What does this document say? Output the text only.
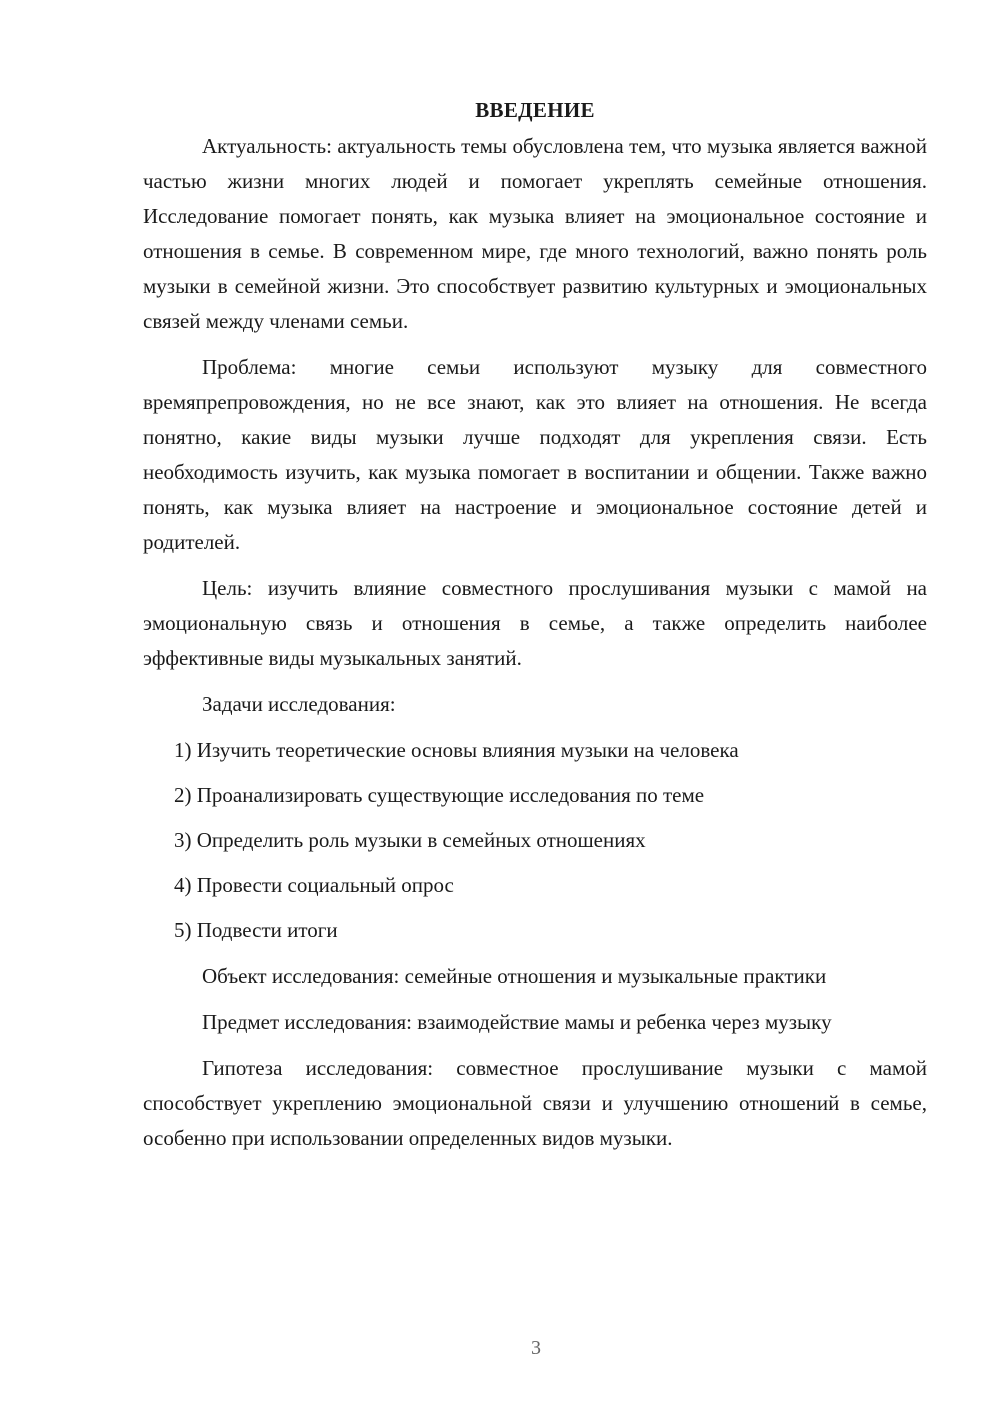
ВВЕДЕНИЕ

Актуальность: актуальность темы обусловлена тем, что музыка является важной частью жизни многих людей и помогает укреплять семейные отношения. Исследование помогает понять, как музыка влияет на эмоциональное состояние и отношения в семье. В современном мире, где много технологий, важно понять роль музыки в семейной жизни. Это способствует развитию культурных и эмоциональных связей между членами семьи.

Проблема: многие семьи используют музыку для совместного времяпрепровождения, но не все знают, как это влияет на отношения. Не всегда понятно, какие виды музыки лучше подходят для укрепления связи. Есть необходимость изучить, как музыка помогает в воспитании и общении. Также важно понять, как музыка влияет на настроение и эмоциональное состояние детей и родителей.

Цель: изучить влияние совместного прослушивания музыки с мамой на эмоциональную связь и отношения в семье, а также определить наиболее эффективные виды музыкальных занятий.

Задачи исследования:

1) Изучить теоретические основы влияния музыки на человека
2) Проанализировать существующие исследования по теме
3) Определить роль музыки в семейных отношениях
4) Провести социальный опрос
5) Подвести итоги

Объект исследования: семейные отношения и музыкальные практики

Предмет исследования: взаимодействие мамы и ребенка через музыку

Гипотеза исследования: совместное прослушивание музыки с мамой способствует укреплению эмоциональной связи и улучшению отношений в семье, особенно при использовании определенных видов музыки.

3
